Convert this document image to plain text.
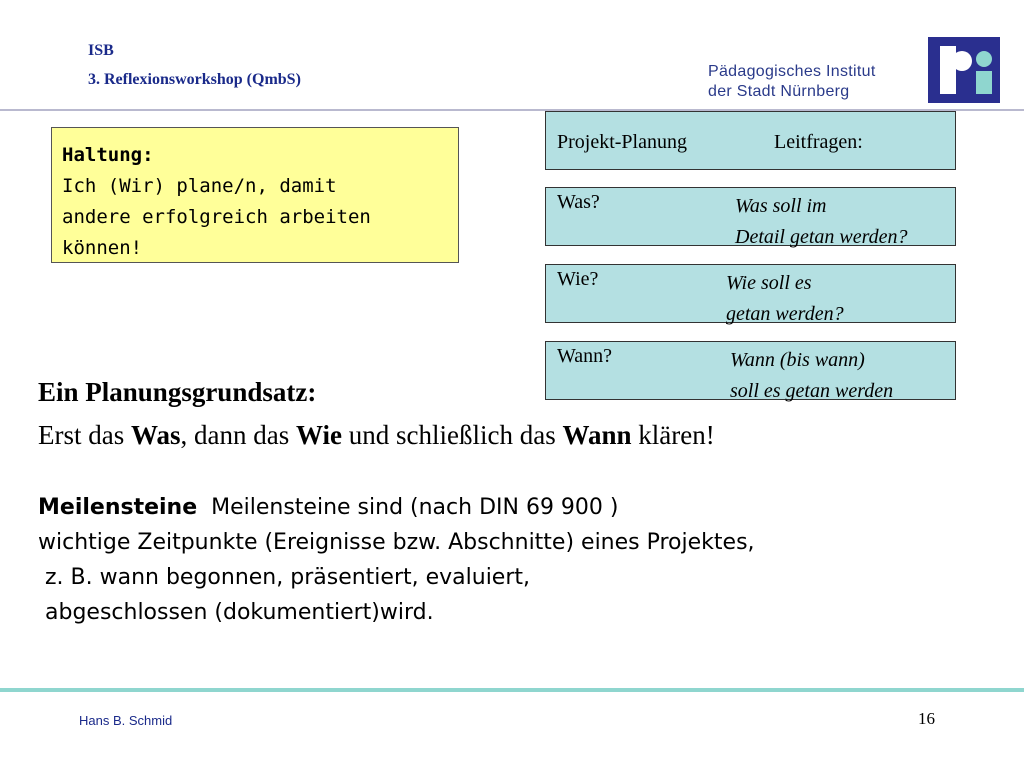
ISB
3. Reflexionsworkshop (QmbS)	Pädagogisches Institut
der Stadt Nürnberg
Haltung:
Ich (Wir) plane/n, damit
andere erfolgreich arbeiten
können!
Projekt-Planung	Leitfragen:
Was?	Was soll im
Detail getan werden?
Wie?	Wie soll es
getan werden?
Wann?	Wann (bis wann)
soll es getan werden
Ein Planungsgrundsatz:
Erst das Was, dann das Wie und schließlich das Wann klären!
Meilensteine  Meilensteine sind (nach DIN 69 900 )
wichtige Zeitpunkte (Ereignisse bzw. Abschnitte) eines Projektes,
z. B. wann begonnen, präsentiert, evaluiert,
abgeschlossen (dokumentiert)wird.
Hans B. Schmid	16
